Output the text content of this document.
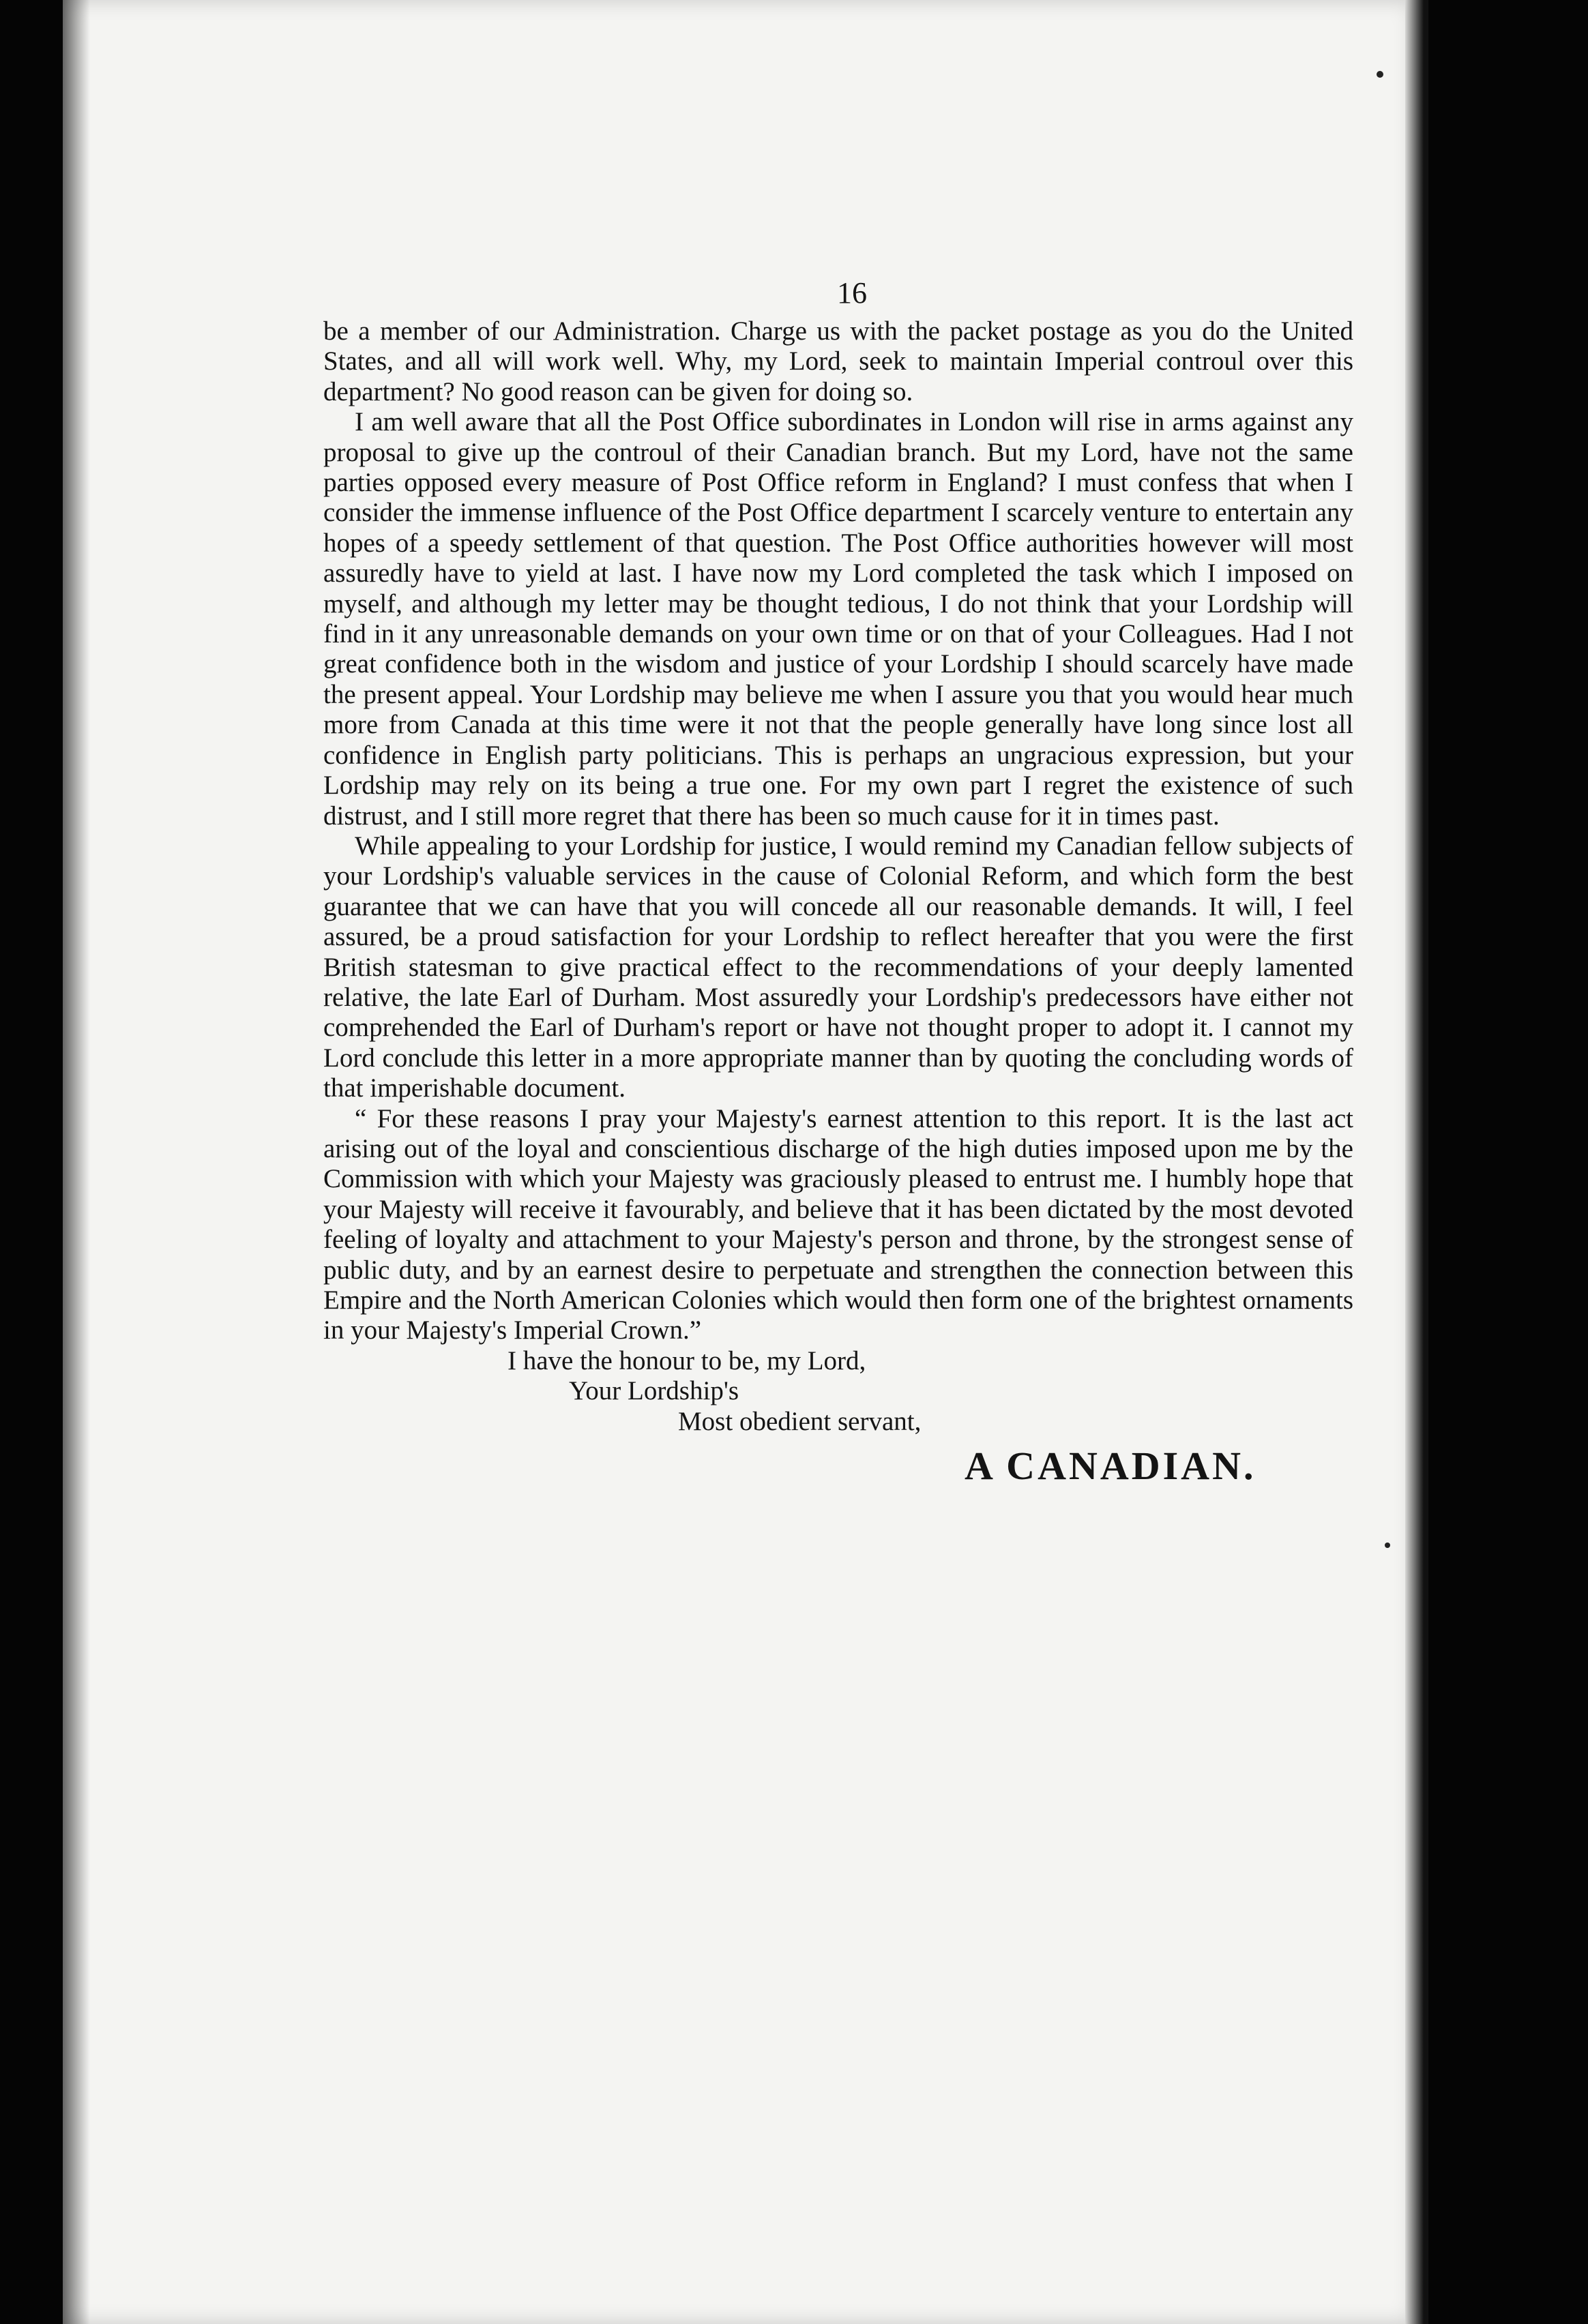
16

be a member of our Administration. Charge us with the packet postage as you do the United States, and all will work well. Why, my Lord, seek to maintain Imperial controul over this department? No good reason can be given for doing so.

I am well aware that all the Post Office subordinates in London will rise in arms against any proposal to give up the controul of their Canadian branch. But my Lord, have not the same parties opposed every measure of Post Office reform in England? I must confess that when I consider the immense influence of the Post Office department I scarcely venture to entertain any hopes of a speedy settlement of that question. The Post Office authorities however will most assuredly have to yield at last. I have now my Lord completed the task which I imposed on myself, and although my letter may be thought tedious, I do not think that your Lordship will find in it any unreasonable demands on your own time or on that of your Colleagues. Had I not great confidence both in the wisdom and justice of your Lordship I should scarcely have made the present appeal. Your Lordship may believe me when I assure you that you would hear much more from Canada at this time were it not that the people generally have long since lost all confidence in English party politicians. This is perhaps an ungracious expression, but your Lordship may rely on its being a true one. For my own part I regret the existence of such distrust, and I still more regret that there has been so much cause for it in times past.

While appealing to your Lordship for justice, I would remind my Canadian fellow subjects of your Lordship's valuable services in the cause of Colonial Reform, and which form the best guarantee that we can have that you will concede all our reasonable demands. It will, I feel assured, be a proud satisfaction for your Lordship to reflect hereafter that you were the first British statesman to give practical effect to the recommendations of your deeply lamented relative, the late Earl of Durham. Most assuredly your Lordship's predecessors have either not comprehended the Earl of Durham's report or have not thought proper to adopt it. I cannot my Lord conclude this letter in a more appropriate manner than by quoting the concluding words of that imperishable document.

“ For these reasons I pray your Majesty's earnest attention to this report. It is the last act arising out of the loyal and conscientious discharge of the high duties imposed upon me by the Commission with which your Majesty was graciously pleased to entrust me. I humbly hope that your Majesty will receive it favourably, and believe that it has been dictated by the most devoted feeling of loyalty and attachment to your Majesty's person and throne, by the strongest sense of public duty, and by an earnest desire to perpetuate and strengthen the connection between this Empire and the North American Colonies which would then form one of the brightest ornaments in your Majesty's Imperial Crown.”

I have the honour to be, my Lord,
Your Lordship's
Most obedient servant,
A CANADIAN.
